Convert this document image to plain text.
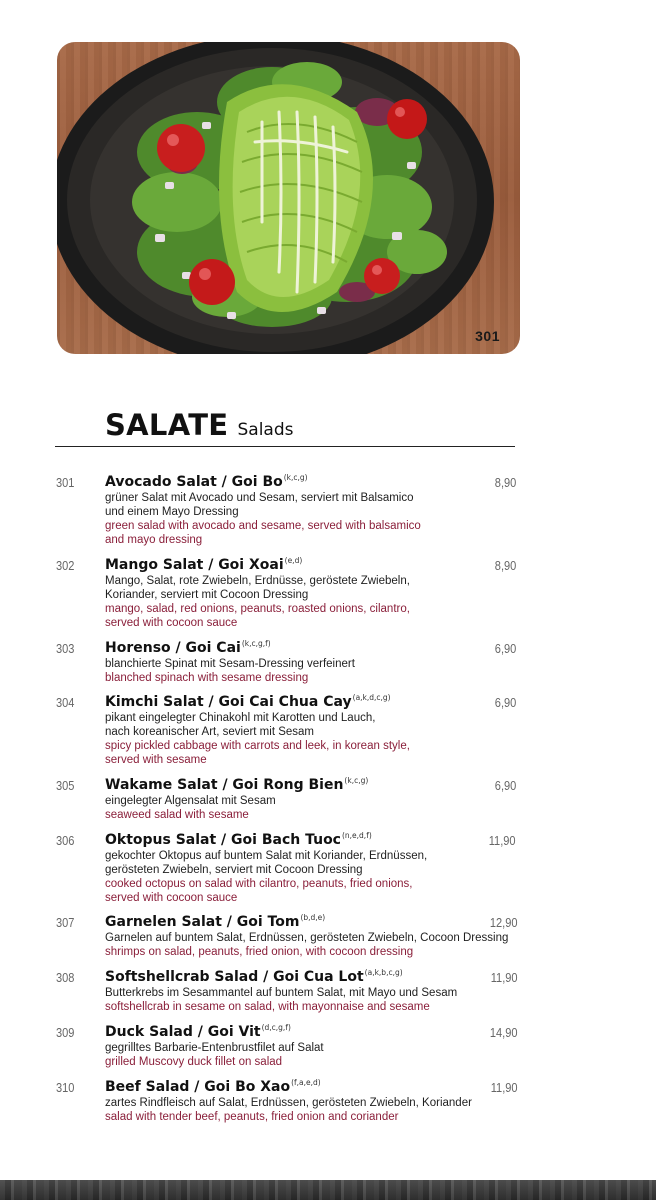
301
SALATE Salads
301 Avocado Salat / Goi Bo$^{(k,c,g)}$	8,90
grüner Salat mit Avocado und Sesam, serviert mit Balsamico
und einem Mayo Dressing
green salad with avocado and sesame, served with balsamico
and mayo dressing
302 Mango Salat / Goi Xoai$^{(e,d)}$	8,90
Mango, Salat, rote Zwiebeln, Erdnüsse, geröstete Zwiebeln,
Koriander, serviert mit Cocoon Dressing
mango, salad, red onions, peanuts, roasted onions, cilantro,
served with cocoon sauce
303 Horenso / Goi Cai$^{(k,c,g,f)}$	6,90
blanchierte Spinat mit Sesam-Dressing verfeinert
blanched spinach with sesame dressing
304 Kimchi Salat / Goi Cai Chua Cay$^{(a,k,d,c,g)}$	6,90
pikant eingelegter Chinakohl mit Karotten und Lauch,
nach koreanischer Art, seviert mit Sesam
spicy pickled cabbage with carrots and leek, in korean style,
served with sesame
305 Wakame Salat / Goi Rong Bien$^{(k,c,g)}$	6,90
eingelegter Algensalat mit Sesam
seaweed salad with sesame
306 Oktopus Salat / Goi Bach Tuoc$^{(n,e,d,f)}$	11,90
gekochter Oktopus auf buntem Salat mit Koriander, Erdnüssen,
gerösteten Zwiebeln, serviert mit Cocoon Dressing
cooked octopus on salad with cilantro, peanuts, fried onions,
served with cocoon sauce
307 Garnelen Salat / Goi Tom$^{(b,d,e)}$	12,90
Garnelen auf buntem Salat, Erdnüssen, gerösteten Zwiebeln, Cocoon Dressing
shrimps on salad, peanuts, fried onion, with cocoon dressing
308 Softshellcrab Salad / Goi Cua Lot$^{(a,k,b,c,g)}$	11,90
Butterkrebs im Sesammantel auf buntem Salat, mit Mayo und Sesam
softshellcrab in sesame on salad, with mayonnaise and sesame
309 Duck Salad / Goi Vit$^{(d,c,g,f)}$	14,90
gegrilltes Barbarie-Entenbrustfilet auf Salat
grilled Muscovy duck fillet on salad
310 Beef Salad / Goi Bo Xao$^{(f,a,e,d)}$	11,90
zartes Rindfleisch auf Salat, Erdnüssen, gerösteten Zwiebeln, Koriander
salad with tender beef, peanuts, fried onion and coriander
